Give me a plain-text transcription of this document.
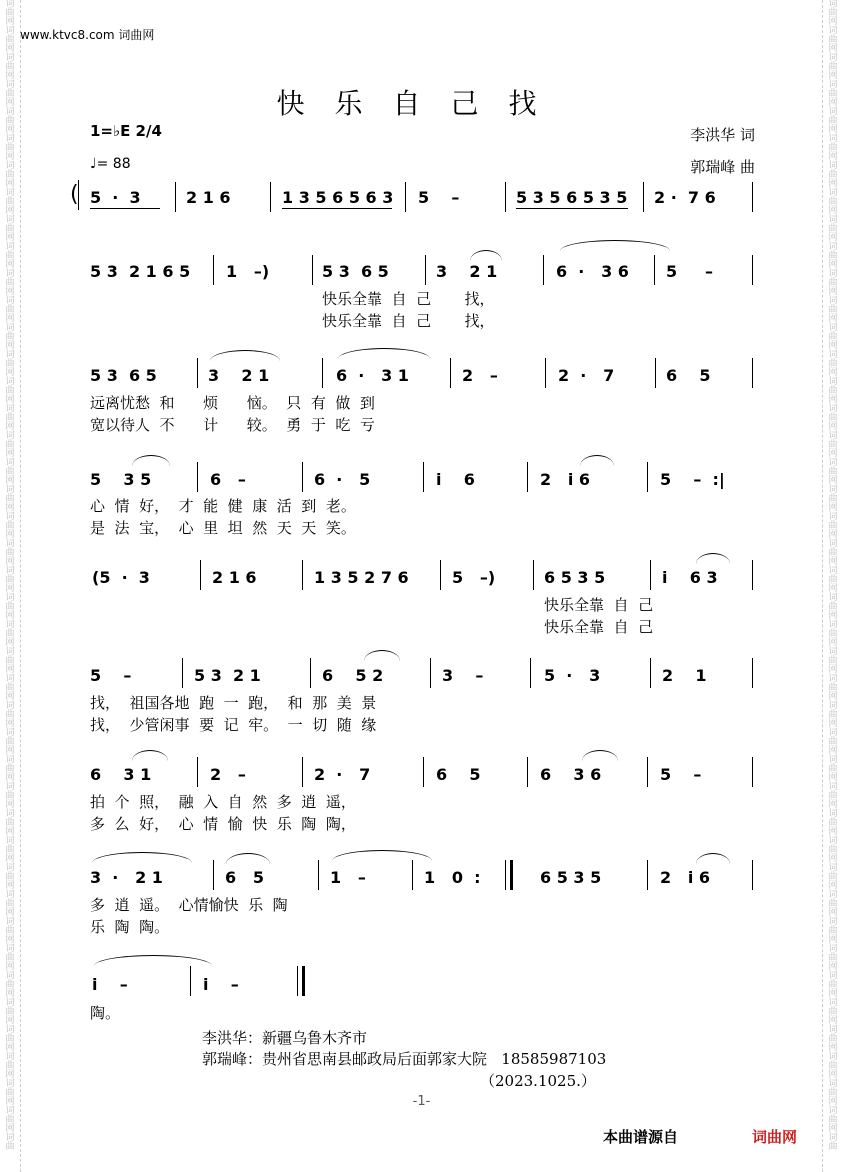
词
曲
网
词
曲
网
词
曲
网
词
曲
网
词
曲
网
词
曲
网
词
曲
网
词
曲
网
词
曲
网
词
曲
网
词
曲
网
词
曲
网
词
曲
网
词
曲
网
词
曲
网
词
曲
网
词
曲
网
词
曲
网
词
曲
网
词
曲
网
词
曲
网
词
曲
网
词
曲
网
词
曲
网
词
曲
网
词
曲
网
词
曲
网
词
曲
网
词
曲
网
词
曲
网
词
曲
网
词
曲
网
词
曲
网
词
曲
网
词
曲
网
词
曲
网
词
曲
网
词
曲
网
词
曲
网
词
曲
网
词
曲
网
词
曲
网
词
曲
词
曲
网
词
曲
网
词
曲
网
词
曲
网
词
曲
网
词
曲
网
词
曲
网
词
曲
网
词
曲
网
词
曲
网
词
曲
网
词
曲
网
词
曲
网
词
曲
网
词
曲
网
词
曲
网
词
曲
网
词
曲
网
词
曲
网
词
曲
网
词
曲
网
词
曲
网
词
曲
网
词
曲
网
词
曲
网
词
曲
网
词
曲
网
词
曲
网
词
曲
网
词
曲
网
词
曲
网
词
曲
网
词
曲
网
词
曲
网
词
曲
网
词
曲
网
词
曲
网
词
曲
网
词
曲
网
词
曲
网
词
曲
网
词
曲
网
词
曲
www.ktvc8.com 词曲网
快乐自己找
1=♭E 2/4
♩= 88
李洪华 词
郭瑞峰 曲
( 5  ·  3	2 1 6	1 3 5 6 5 6 3 5    –	5 3 5 6 5 3 5 2 ·  7 6
5 3  2 1 6 5 1   –)	5 3  6 5	3    2 1	6  ·   3 6 5     –
快乐全靠  自  己       找，
快乐全靠  自  己       找，
5 3  6 5	3    2 1	6  ·   3 1	2   –	2  ·   7	6    5
远离忧愁  和      烦      恼。  只  有  做  到
宽以待人  不      计      较。  勇  于  吃  亏
5    3 5	6   –	6  ·   5	i    6	2   i 6	5    –  :|
心  情  好，  才  能  健  康  活  到  老。
是  法  宝，  心  里  坦  然  天  天  笑。
(5  ·  3	2 1 6	1 3 5 2 7 6	5   –)	6 5 3 5	i    6 3
快乐全靠  自  己
快乐全靠  自  己
5    –	5 3  2 1	6    5 2	3    –	5  ·   3	2    1
找，  祖国各地  跑  一  跑，  和  那  美  景
找，  少管闲事  要  记  牢。  一  切  随  缘
6    3 1	2   –	2  ·   7	6    5	6    3 6	5    –
拍  个  照，  融  入  自  然  多  逍  遥，
多  么  好，  心  情  愉  快  乐  陶  陶，
3  ·   2 1	6   5	1   –	1   0  :	6 5 3 5	2   i 6
多  逍  遥。  心情愉快  乐  陶
乐  陶  陶。
i    –	i    –
陶。
李洪华：新疆乌鲁木齐市
郭瑞峰：贵州省思南县邮政局后面郭家大院   18585987103
（2023.1025.）
-1-
本曲谱源自	词曲网
